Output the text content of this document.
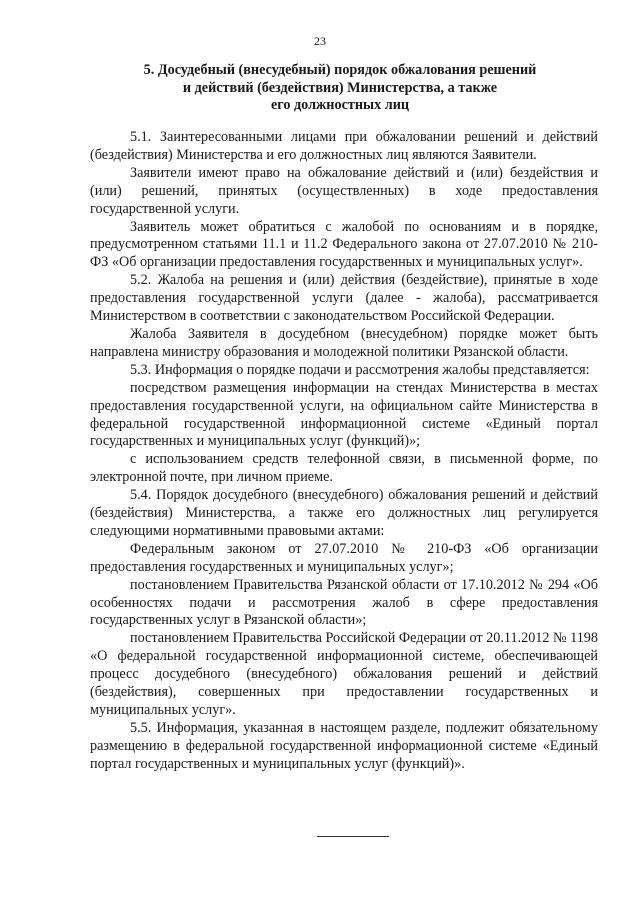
23
5. Досудебный (внесудебный) порядок обжалования решений
и действий (бездействия) Министерства, а также
его должностных лиц

5.1. Заинтересованными лицами при обжаловании решений и действий (бездействия) Министерства и его должностных лиц являются Заявители.

Заявители имеют право на обжалование действий и (или) бездействия и (или) решений, принятых (осуществленных) в ходе предоставления государственной услуги.

Заявитель может обратиться с жалобой по основаниям и в порядке, предусмотренном статьями 11.1 и 11.2 Федерального закона от 27.07.2010 № 210-ФЗ «Об организации предоставления государственных и муниципальных услуг».

5.2. Жалоба на решения и (или) действия (бездействие), принятые в ходе предоставления государственной услуги (далее - жалоба), рассматривается Министерством в соответствии с законодательством Российской Федерации.

Жалоба Заявителя в досудебном (внесудебном) порядке может быть направлена министру образования и молодежной политики Рязанской области.

5.3. Информация о порядке подачи и рассмотрения жалобы представляется:

посредством размещения информации на стендах Министерства в местах предоставления государственной услуги, на официальном сайте Министерства в федеральной государственной информационной системе «Единый портал государственных и муниципальных услуг (функций)»;

с использованием средств телефонной связи, в письменной форме, по электронной почте, при личном приеме.

5.4. Порядок досудебного (внесудебного) обжалования решений и действий (бездействия) Министерства, а также его должностных лиц регулируется следующими нормативными правовыми актами:

Федеральным законом от 27.07.2010 № 210-ФЗ «Об организации предоставления государственных и муниципальных услуг»;

постановлением Правительства Рязанской области от 17.10.2012 № 294 «Об особенностях подачи и рассмотрения жалоб в сфере предоставления государственных услуг в Рязанской области»;

постановлением Правительства Российской Федерации от 20.11.2012 № 1198 «О федеральной государственной информационной системе, обеспечивающей процесс досудебного (внесудебного) обжалования решений и действий (бездействия), совершенных при предоставлении государственных и муниципальных услуг».

5.5. Информация, указанная в настоящем разделе, подлежит обязательному размещению в федеральной государственной информационной системе «Единый портал государственных и муниципальных услуг (функций)».
